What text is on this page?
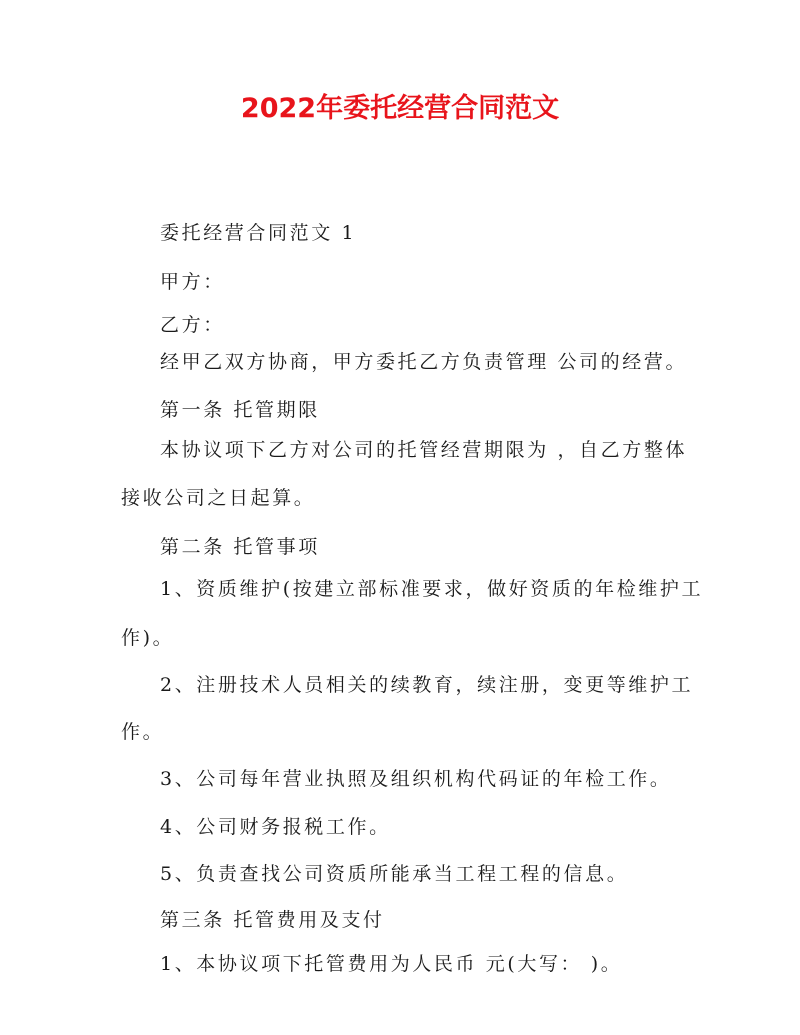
2022年委托经营合同范文
委托经营合同范文 1
甲方：
乙方：
经甲乙双方协商，甲方委托乙方负责管理 公司的经营。
第一条 托管期限
本协议项下乙方对公司的托管经营期限为 ，自乙方整体
接收公司之日起算。
第二条 托管事项
1、资质维护(按建立部标准要求，做好资质的年检维护工
作)。
2、注册技术人员相关的续教育，续注册，变更等维护工
作。
3、公司每年营业执照及组织机构代码证的年检工作。
4、公司财务报税工作。
5、负责查找公司资质所能承当工程工程的信息。
第三条 托管费用及支付
1、本协议项下托管费用为人民币 元(大写： )。
